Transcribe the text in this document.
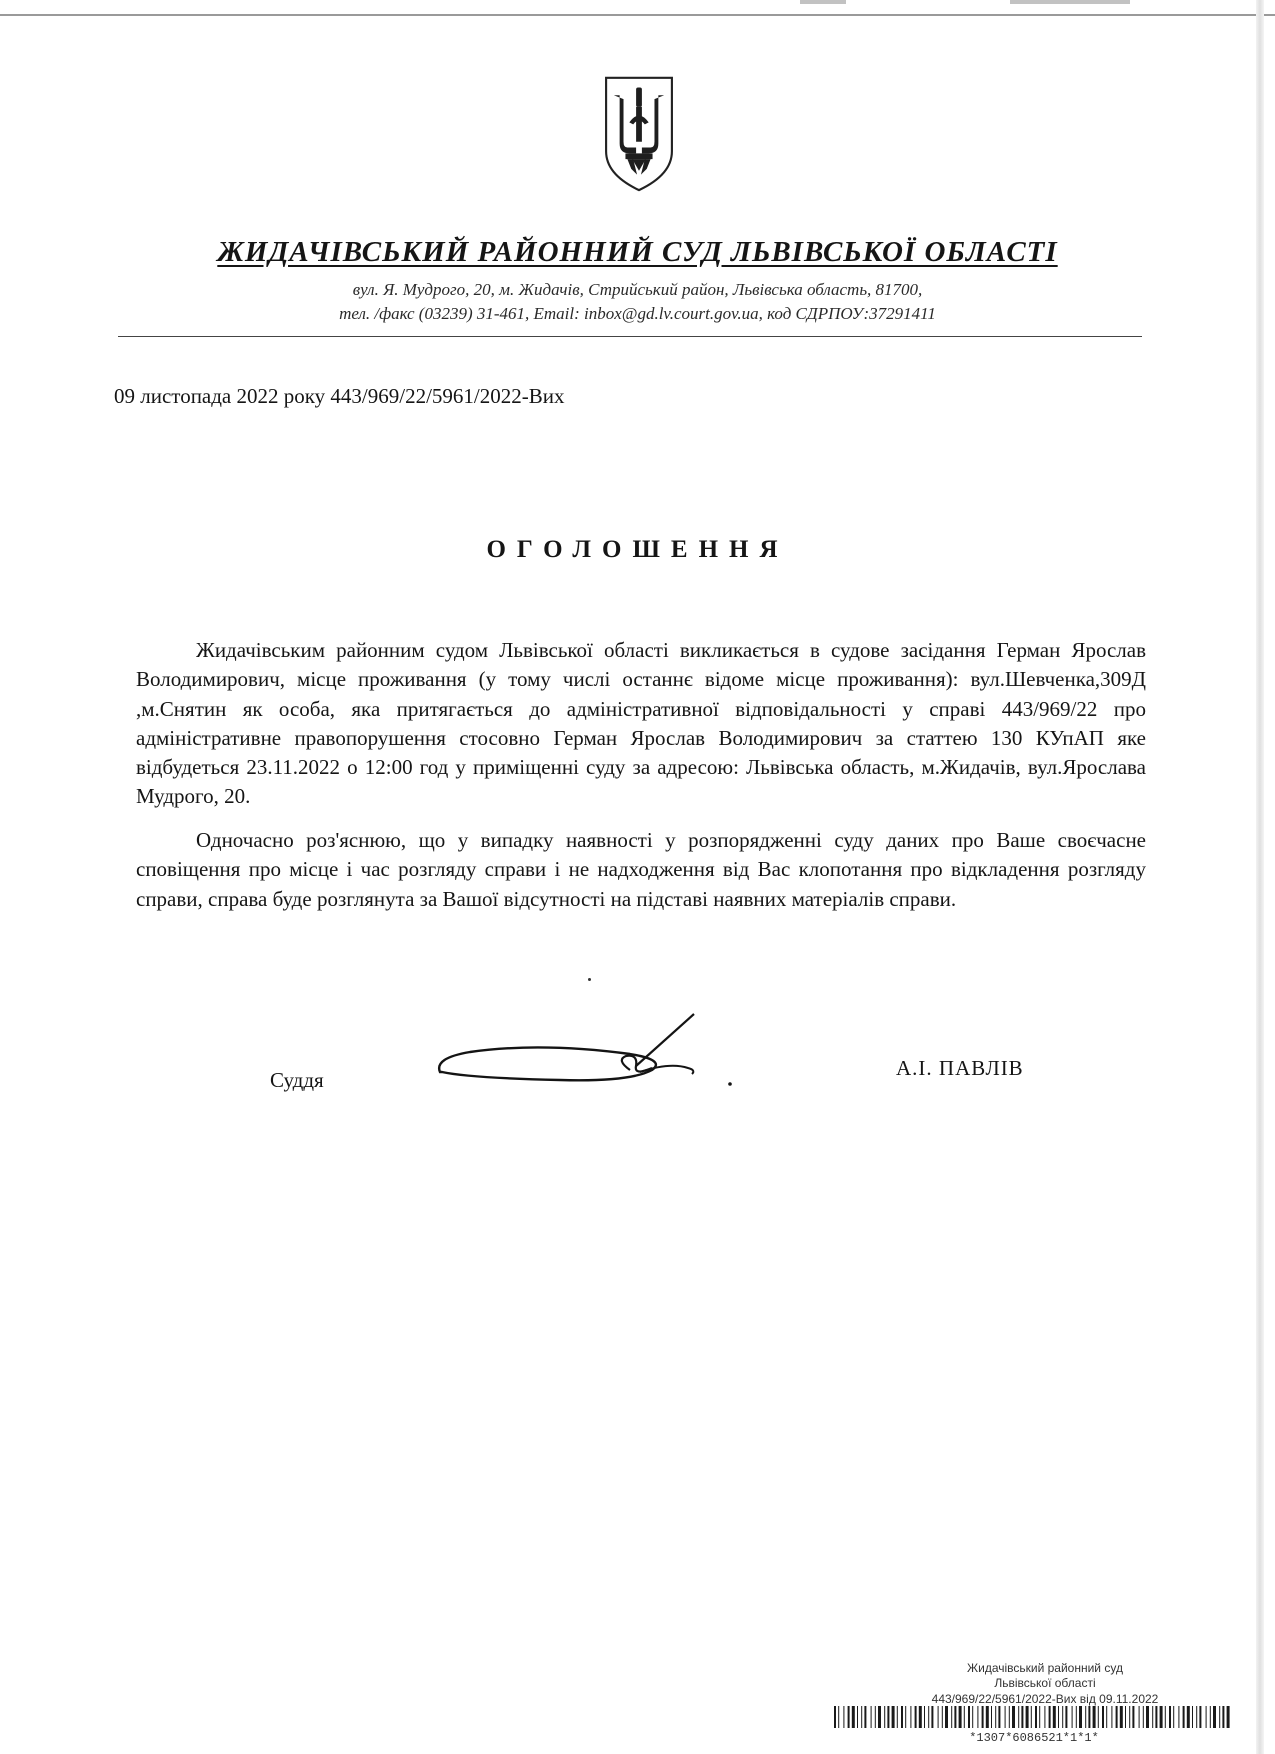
ЖИДАЧІВСЬКИЙ РАЙОННИЙ СУД ЛЬВІВСЬКОЇ ОБЛАСТІ
вул. Я. Мудрого, 20, м. Жидачів, Стрийський район, Львівська область, 81700,
тел. /факс (03239) 31-461, Email: inbox@gd.lv.court.gov.ua, код СДРПОУ:37291411
09 листопада 2022 року 443/969/22/5961/2022-Вих
ОГОЛОШЕННЯ
Жидачівським районним судом Львівської області викликається в судове засідання Герман Ярослав Володимирович, місце проживання (у тому числі останнє відоме місце проживання): вул.Шевченка,309Д ,м.Снятин як особа, яка притягається до адміністративної відповідальності у справі 443/969/22 про адміністративне правопорушення стосовно Герман Ярослав Володимирович за статтею 130 КУпАП яке відбудеться 23.11.2022 о 12:00 год у приміщенні суду за адресою: Львівська область, м.Жидачів, вул.Ярослава Мудрого, 20.
Одночасно роз'яснюю, що у випадку наявності у розпорядженні суду даних про Ваше своєчасне сповіщення про місце і час розгляду справи і не надходження від Вас клопотання про відкладення розгляду справи, справа буде розглянута за Вашої відсутності на підставі наявних матеріалів справи.
Суддя	А.І. ПАВЛІВ
Жидачівський районний суд
Львівської області
443/969/22/5961/2022-Вих від 09.11.2022
*1307*6086521*1*1*
